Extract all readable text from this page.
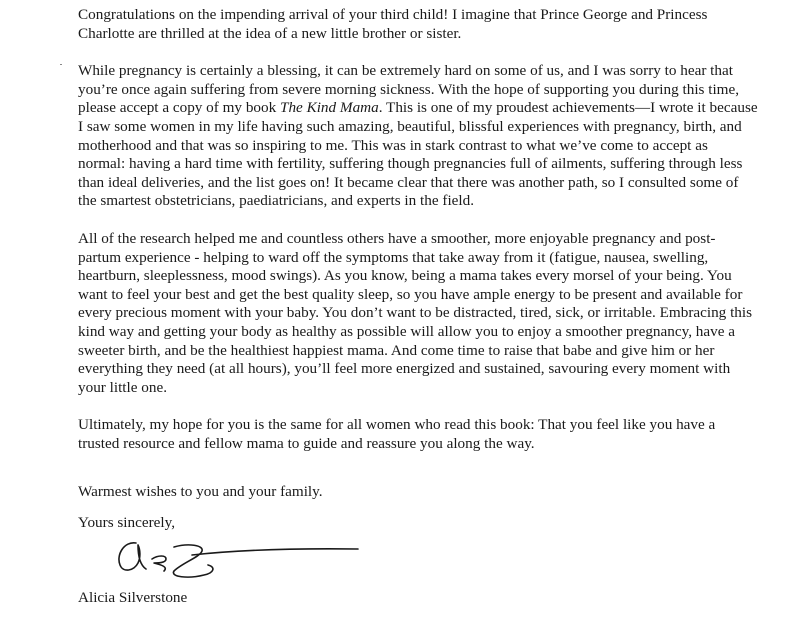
Congratulations on the impending arrival of your third child! I imagine that Prince George and Princess Charlotte are thrilled at the idea of a new little brother or sister.

While pregnancy is certainly a blessing, it can be extremely hard on some of us, and I was sorry to hear that you’re once again suffering from severe morning sickness. With the hope of supporting you during this time, please accept a copy of my book The Kind Mama. This is one of my proudest achievements—I wrote it because I saw some women in my life having such amazing, beautiful, blissful experiences with pregnancy, birth, and motherhood and that was so inspiring to me. This was in stark contrast to what we’ve come to accept as normal: having a hard time with fertility, suffering though pregnancies full of ailments, suffering through less than ideal deliveries, and the list goes on! It became clear that there was another path, so I consulted some of the smartest obstetricians, paediatricians, and experts in the field.

All of the research helped me and countless others have a smoother, more enjoyable pregnancy and post-partum experience - helping to ward off the symptoms that take away from it (fatigue, nausea, swelling, heartburn, sleeplessness, mood swings). As you know, being a mama takes every morsel of your being. You want to feel your best and get the best quality sleep, so you have ample energy to be present and available for every precious moment with your baby. You don’t want to be distracted, tired, sick, or irritable. Embracing this kind way and getting your body as healthy as possible will allow you to enjoy a smoother pregnancy, have a sweeter birth, and be the healthiest happiest mama. And come time to raise that babe and give him or her everything they need (at all hours), you’ll feel more energized and sustained, savouring every moment with your little one.

Ultimately, my hope for you is the same for all women who read this book: That you feel like you have a trusted resource and fellow mama to guide and reassure you along the way.

Warmest wishes to you and your family.

Yours sincerely,

Alicia Silverstone
